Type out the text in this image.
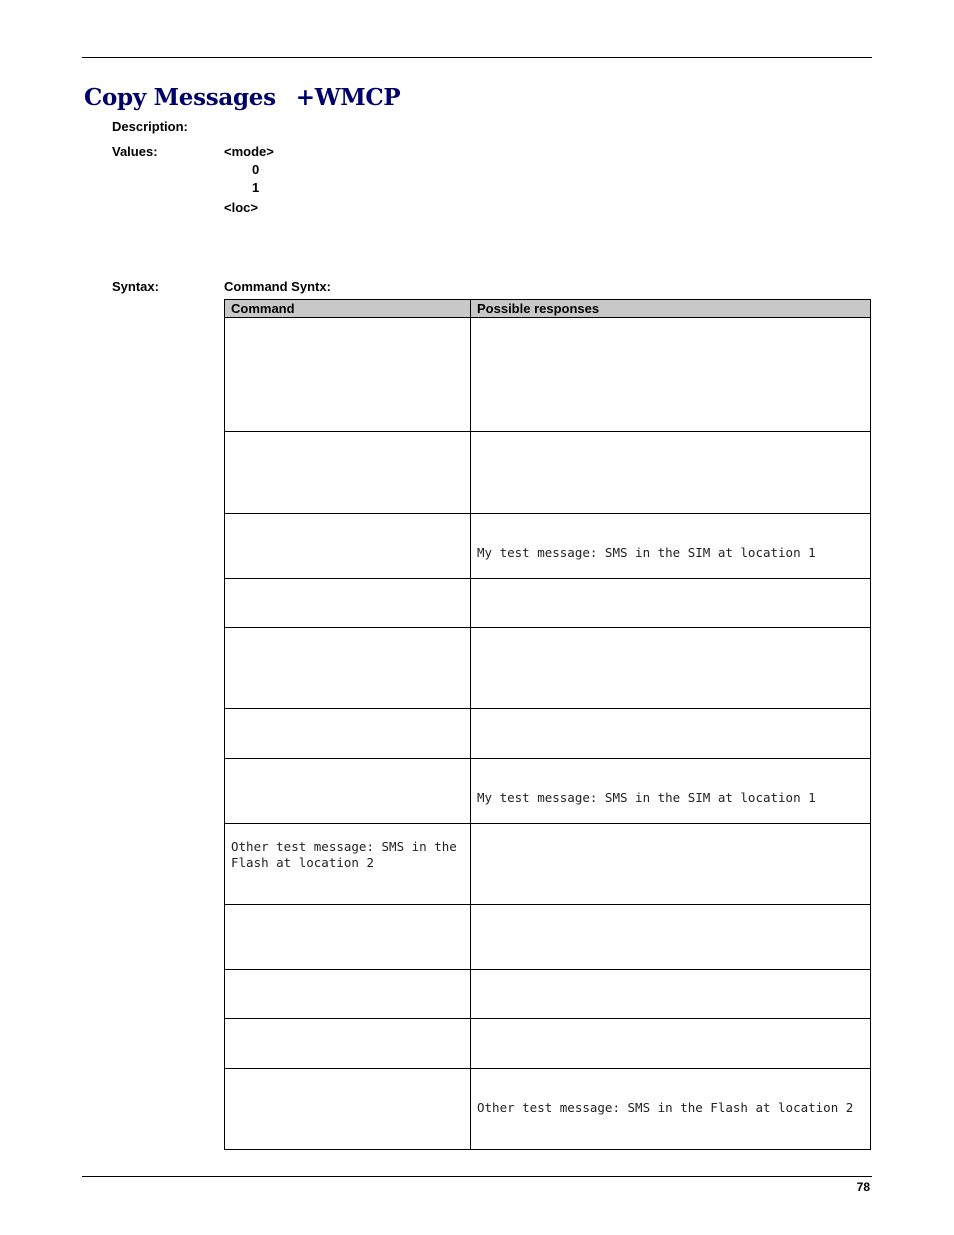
Copy Messages +WMCP
Description:
Values:	<mode>
0
1
<loc>
Syntax:	Command Syntx:
Command	Possible responses

	My test message: SMS in the SIM at location 1

	My test message: SMS in the SIM at location 1

Other test message: SMS in the Flash at location 2	

	Other test message: SMS in the Flash at location 2
78
